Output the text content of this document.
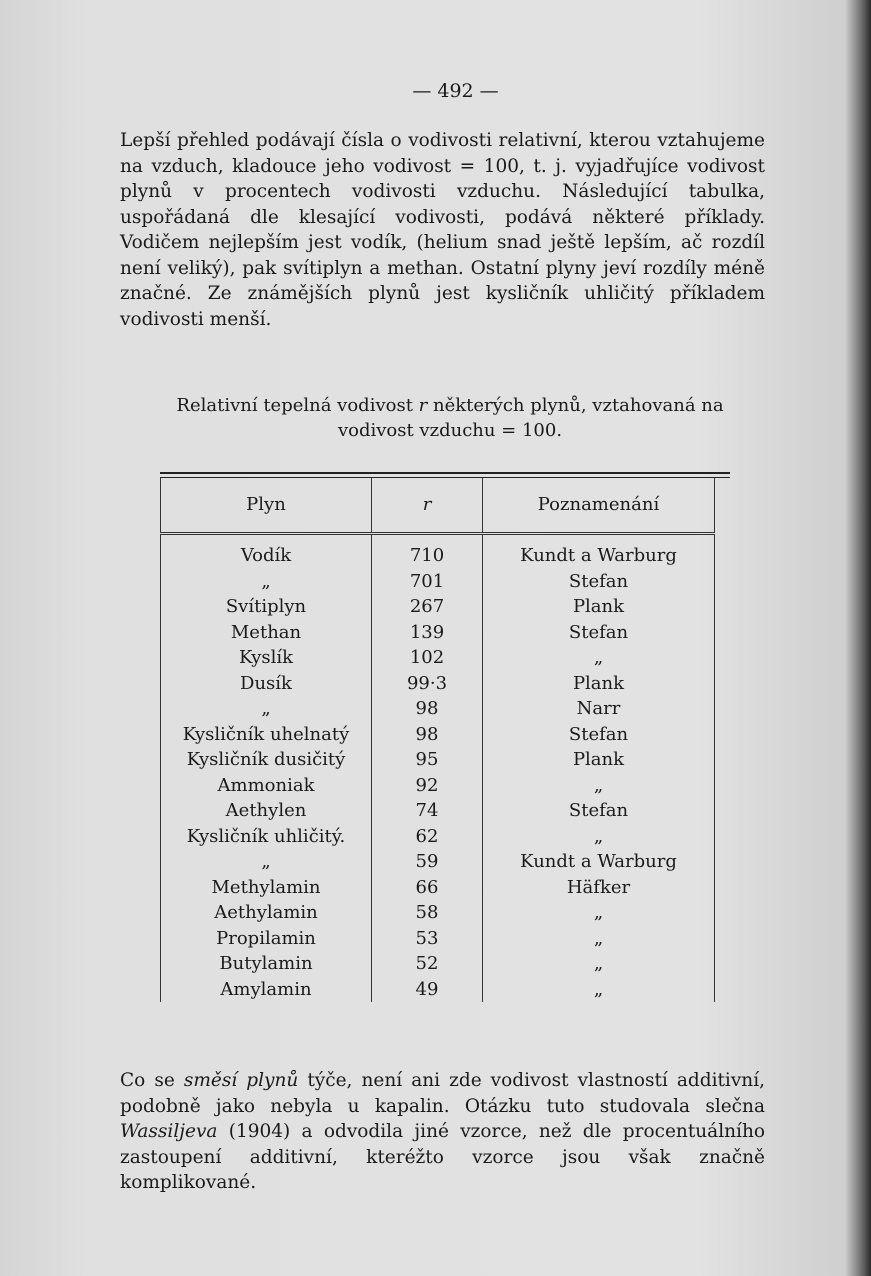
— 492 —
Lepší přehled podávají čísla o vodivosti relativní, kterou vztahujeme na vzduch, kladouce jeho vodivost = 100, t. j. vyjadřujíce vodivost plynů v procentech vodivosti vzduchu. Následující tabulka, uspořádaná dle klesající vodivosti, podává některé příklady. Vodičem nejlepším jest vodík, (helium snad ještě lepším, ač rozdíl není veliký), pak svítiplyn a methan. Ostatní plyny jeví rozdíly méně značné. Ze známějších plynů jest kysličník uhličitý příkladem vodivosti menší.
Relativní tepelná vodivost r některých plynů, vztahovaná na vodivost vzduchu = 100.
Plyn	r	Poznamenání
Vodík	710	Kundt a Warburg
„	701	Stefan
Svítiplyn	267	Plank
Methan	139	Stefan
Kyslík	102	„
Dusík	99·3	Plank
„	98	Narr
Kysličník uhelnatý	98	Stefan
Kysličník dusičitý	95	Plank
Ammoniak	92	„
Aethylen	74	Stefan
Kysličník uhličitý.	62	„
„	59	Kundt a Warburg
Methylamin	66	Häfker
Aethylamin	58	„
Propilamin	53	„
Butylamin	52	„
Amylamin	49	„
Co se směsí plynů týče, není ani zde vodivost vlastností additivní, podobně jako nebyla u kapalin. Otázku tuto studovala slečna Wassiljeva (1904) a odvodila jiné vzorce, než dle procentuálního zastoupení additivní, kteréžto vzorce jsou však značně komplikované.
